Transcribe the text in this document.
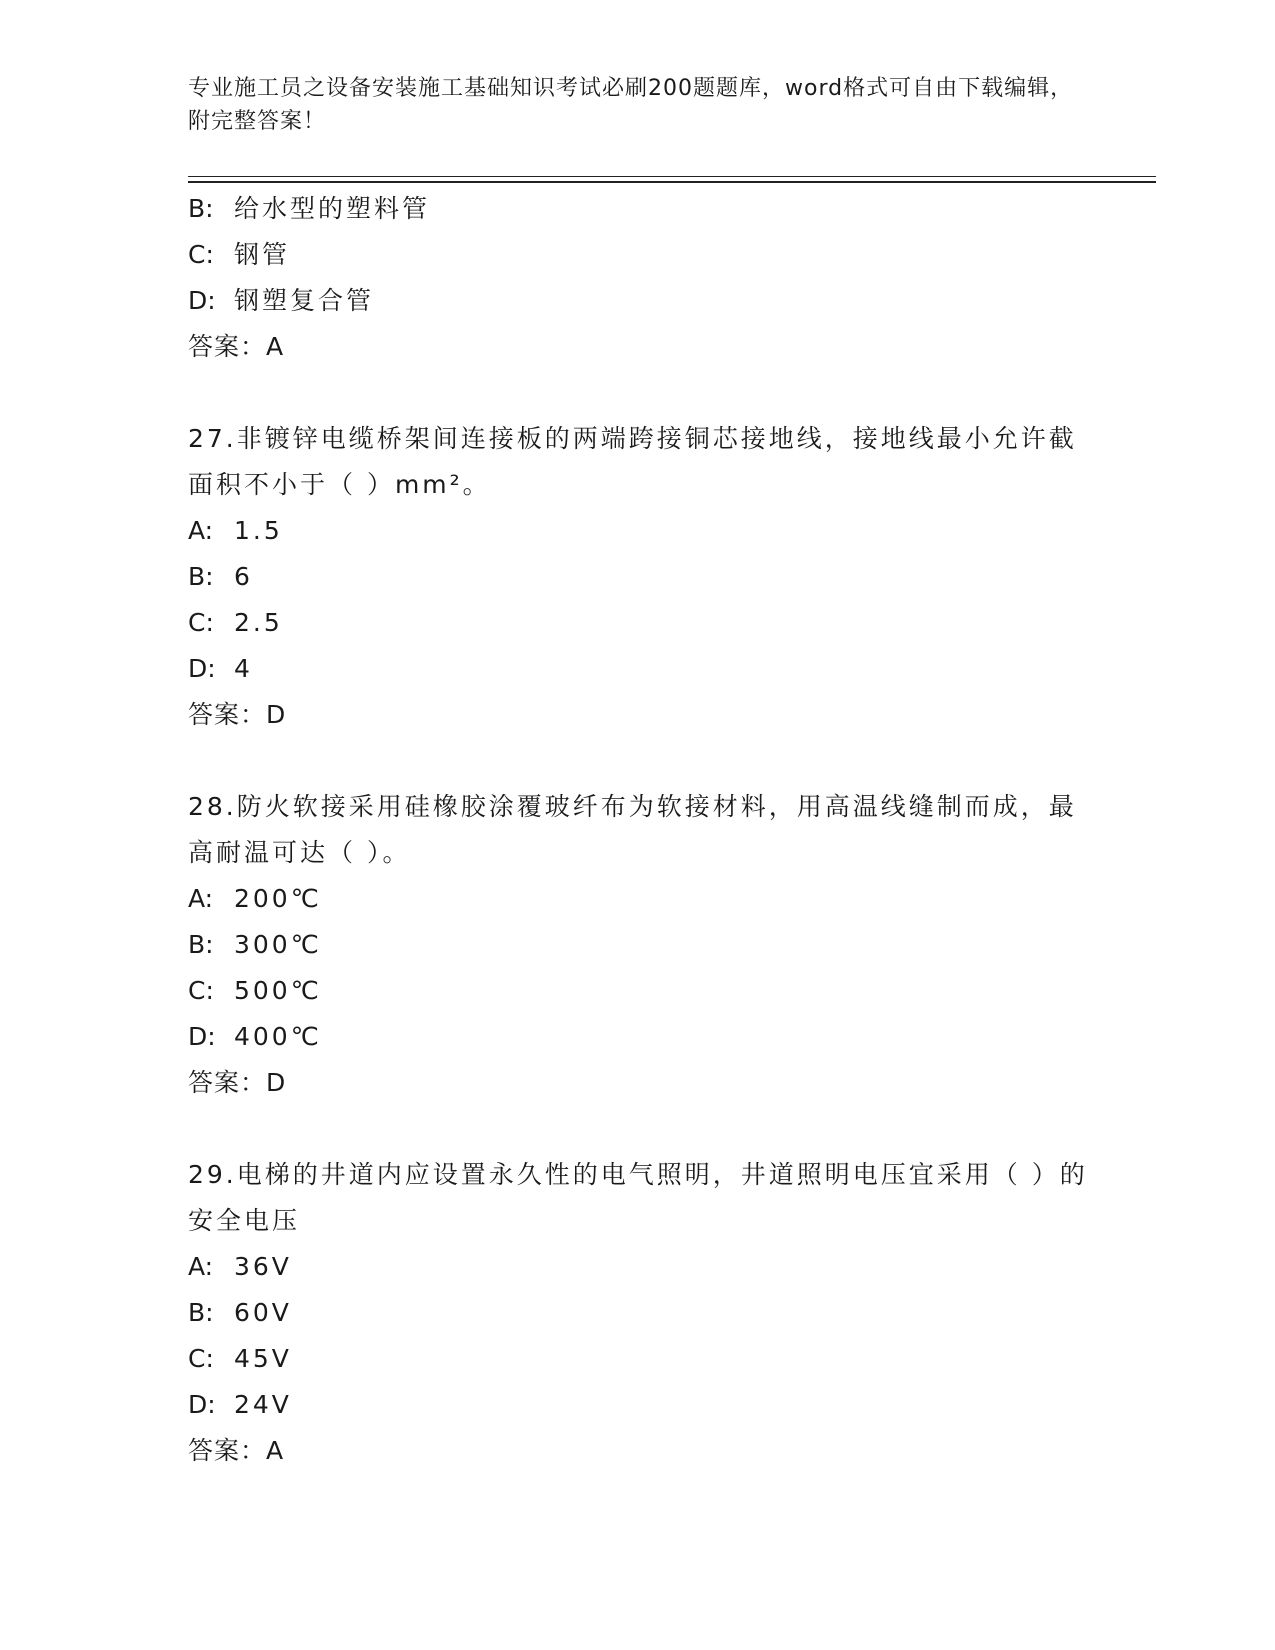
专业施工员之设备安装施工基础知识考试必刷200题题库，word格式可自由下载编辑，附完整答案！
B: 给水型的塑料管
C: 钢管
D: 钢塑复合管
答案：A
27.非镀锌电缆桥架间连接板的两端跨接铜芯接地线，接地线最小允许截面积不小于（ ）mm²。
A: 1.5
B: 6
C: 2.5
D: 4
答案：D
28.防火软接采用硅橡胶涂覆玻纤布为软接材料，用高温线缝制而成，最高耐温可达（ ）。
A: 200℃
B: 300℃
C: 500℃
D: 400℃
答案：D
29.电梯的井道内应设置永久性的电气照明，井道照明电压宜采用（ ）的安全电压
A: 36V
B: 60V
C: 45V
D: 24V
答案：A
